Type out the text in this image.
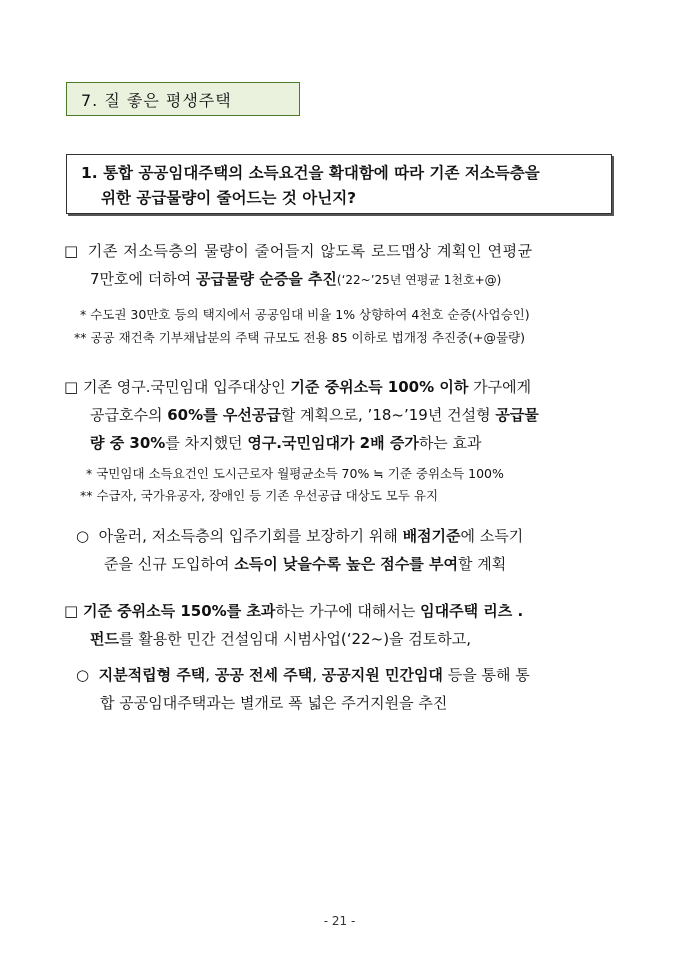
7. 질 좋은 평생주택
1. 통합 공공임대주택의 소득요건을 확대함에 따라 기존 저소득층을
위한 공급물량이 줄어드는 것 아닌지?
□ 기존 저소득층의 물량이 줄어들지 않도록 로드맵상 계획인 연평균
7만호에 더하여 공급물량 순증을 추진(‘22~’25년 연평균 1천호+@)
* 수도권 30만호 등의 택지에서 공공임대 비율 1% 상향하여 4천호 순증(사업승인)
** 공공 재건축 기부채납분의 주택 규모도 전용 85 이하로 법개정 추진중(+@물량)
□ 기존 영구.국민임대 입주대상인 기준 중위소득 100% 이하 가구에게
공급호수의 60%를 우선공급할 계획으로, ’18~’19년 건설형 공급물
량 중 30%를 차지했던 영구.국민임대가 2배 증가하는 효과
* 국민임대 소득요건인 도시근로자 월평균소득 70% ≒ 기준 중위소득 100%
** 수급자, 국가유공자, 장애인 등 기존 우선공급 대상도 모두 유지
○ 아울러, 저소득층의 입주기회를 보장하기 위해 배점기준에 소득기
준을 신규 도입하여 소득이 낮을수록 높은 점수를 부여할 계획
□ 기준 중위소득 150%를 초과하는 가구에 대해서는 임대주택 리츠 .
펀드를 활용한 민간 건설임대 시범사업(‘22~)을 검토하고,
○ 지분적립형 주택, 공공 전세 주택, 공공지원 민간임대 등을 통해 통
합 공공임대주택과는 별개로 폭 넓은 주거지원을 추진
- 21 -
